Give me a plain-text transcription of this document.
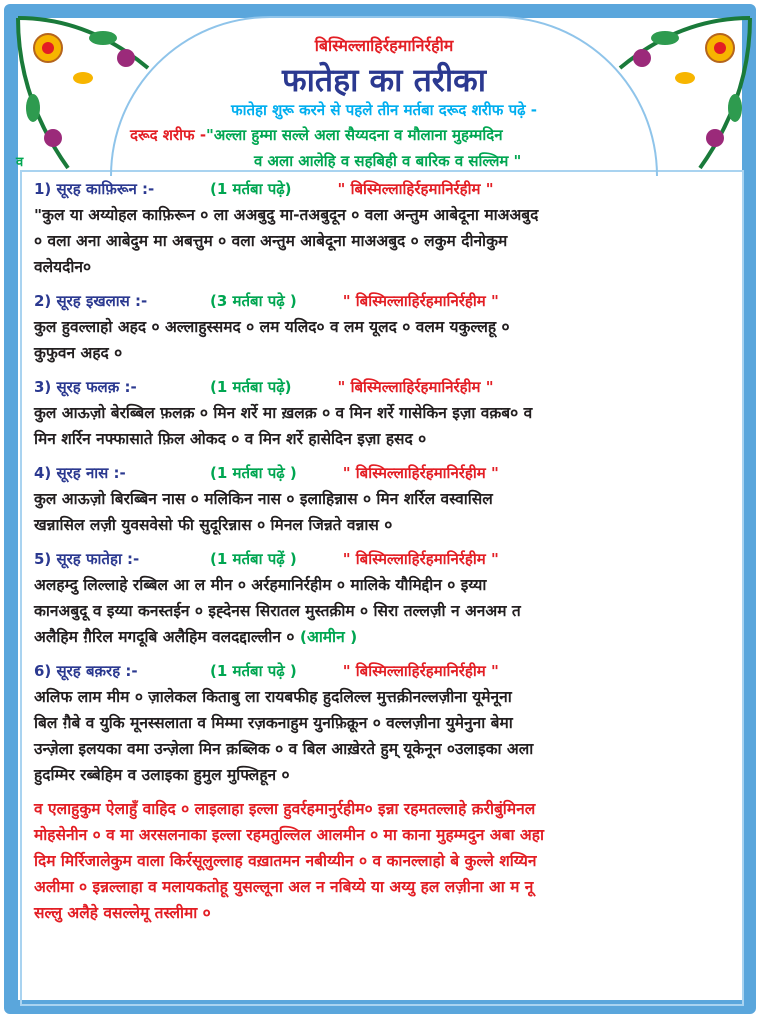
बिस्मिल्लाहिर्रहमानिर्रहीम
फातेहा का तरीका
फातेहा शुरू करने से पहले तीन मर्तबा दरूद शरीफ पढ़े -
व
दरूद शरीफ -"अल्ला हुम्मा सल्ले अला सैय्यदना व मौलाना मुहम्मदिन
व अला आलेहि व सहबिही व बारिक व सल्लिम "
1) सूरह काफ़िरून :-	(1 मर्तबा पढ़े)	" बिस्मिल्लाहिर्रहमानिर्रहीम "
"कुल या अय्योहल काफ़िरून ० ला अअबुदु मा-तअबुदून ० वला अन्तुम आबेदूना माअअबुद
० वला अना आबेदुम मा अबत्तुम ० वला अन्तुम आबेदूना माअअबुद ० लकुम दीनोकुम
वलेयदीन०
2) सूरह इखलास :-	(3 मर्तबा पढ़े )	" बिस्मिल्लाहिर्रहमानिर्रहीम "
कुल हुवल्लाहो अहद ० अल्लाहुस्समद ० लम यलिद० व लम यूलद ० वलम यकुल्लहू ०
कुफुवन अहद ०
3) सूरह फलक़ :-	(1 मर्तबा पढ़े)	" बिस्मिल्लाहिर्रहमानिर्रहीम "
कुल आऊज़ो बेरब्बिल फ़लक़ ० मिन शर्रे मा ख़लक़ ० व मिन शर्रे गासेकिन इज़ा वक़ब० व
मिन शर्रिन नफ्फासाते फ़िल ओकद ० व मिन शर्रे हासेदिन इज़ा हसद ०
4) सूरह नास :-	(1 मर्तबा पढ़े )	" बिस्मिल्लाहिर्रहमानिर्रहीम "
कुल आऊज़ो बिरब्बिन नास ० मलिकिन नास ० इलाहिन्नास ० मिन शर्रिल वस्वासिल
खन्नासिल लज़ी युवसवेसो फी सुदूरिन्नास ० मिनल जिन्नते वन्नास ०
5) सूरह फातेहा :-	(1 मर्तबा पढ़ें )	" बिस्मिल्लाहिर्रहमानिर्रहीम "
अलहम्दु लिल्लाहे रब्बिल आ ल मीन ० अर्रहमानिर्रहीम ० मालिके यौमिद्दीन ० इय्या
कानअबुदू व इय्या कनस्तईन ० इह्देनस सिरातल मुस्तक़ीम ० सिरा तल्लज़ी न अनअम त
अलैहिम ग़ैरिल मगदूबि अलैहिम वलदद्दाल्लीन ० (आमीन )
6) सूरह बक़रह :-	(1 मर्तबा पढ़े )	" बिस्मिल्लाहिर्रहमानिर्रहीम "
अलिफ लाम मीम ० ज़ालेकल किताबु ला रायबफीह हुदलिल्ल मुत्तक़ीनल्लज़ीना यूमेनूना
बिल ग़ैबे व युकि मूनस्सलाता व मिम्मा रज़कनाहुम युनफ़िक़ून ० वल्लज़ीना युमेनुना बेमा
उन्ज़ेला इलयका वमा उन्ज़ेला मिन क़ब्लिक ० व बिल आख़ेरते हुम् यूकेनून ०उलाइका अला
हुदम्मिर रब्बेहिम व उलाइका हुमुल मुफ्लिहून ०
व एलाहुकुम ऐलाहुँ वाहिद ० लाइलाहा इल्ला हुवर्रहमानुर्रहीम० इन्ना रहमतल्लाहे क़रीबुंमिनल
मोहसेनीन ० व मा अरसलनाका इल्ला रहमतुल्लिल आलमीन ० मा काना मुहम्मदुन अबा अहा
दिम मिर्रिजालेकुम वाला किर्रसूलुल्लाह वख़ातमन नबीय्यीन ० व कानल्लाहो बे कुल्ले शय्यिन
अलीमा ० इन्नल्लाहा व मलायकतोहू युसल्लूना अल न नबिय्ये या अय्यु हल लज़ीना आ म नू
सल्लु अलैहे वसल्लेमू तस्लीमा ०
